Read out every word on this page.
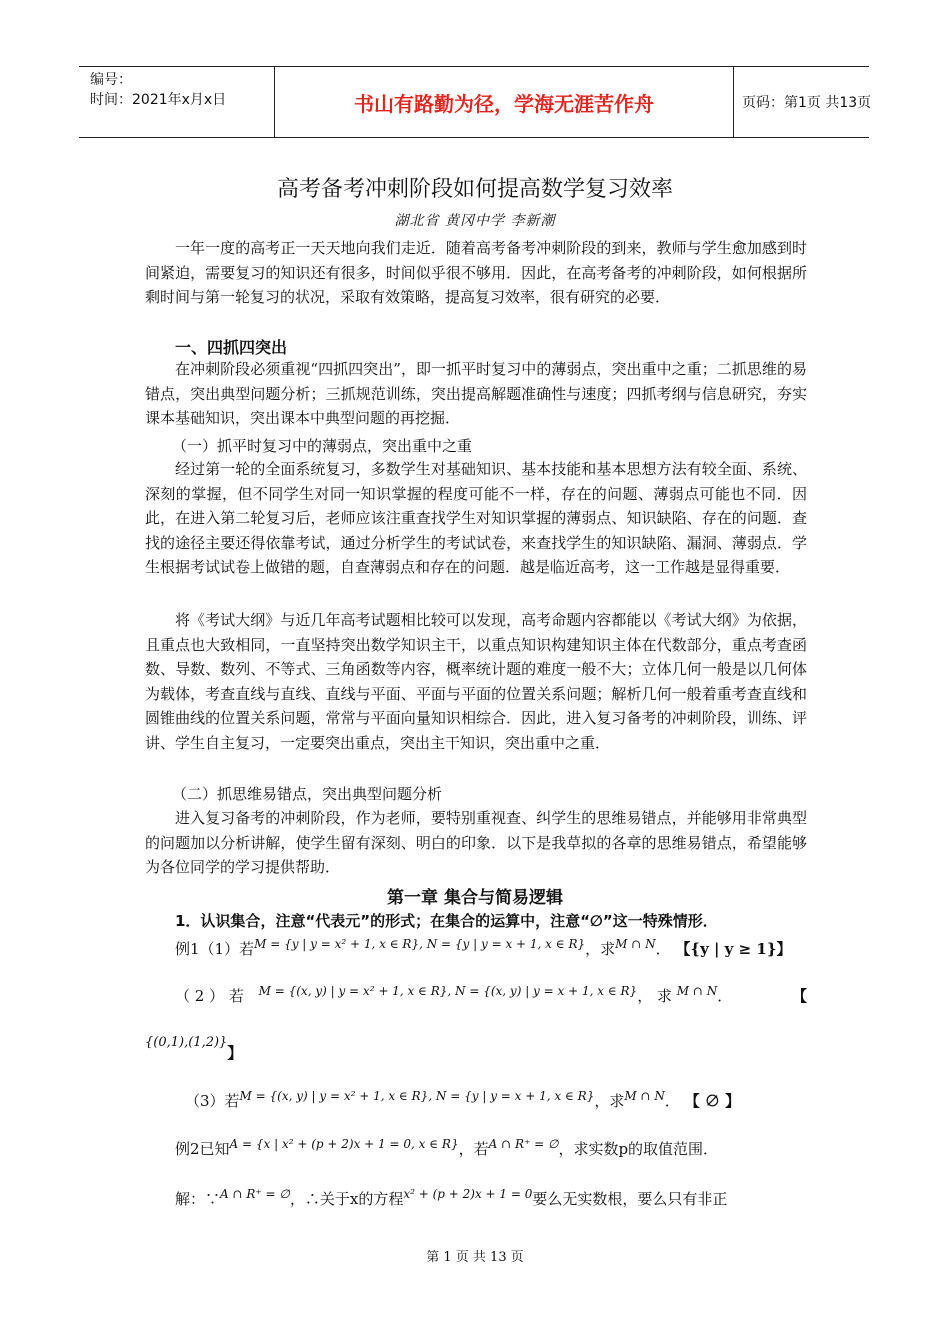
编号：
时间：2021年x月x日	书山有路勤为径，学海无涯苦作舟	页码：第1页 共13页
高考备考冲刺阶段如何提高数学复习效率
湖北省 黄冈中学 李新潮

一年一度的高考正一天天地向我们走近．随着高考备考冲刺阶段的到来，教师与学生愈加感到时间紧迫，需要复习的知识还有很多，时间似乎很不够用．因此，在高考备考的冲刺阶段，如何根据所剩时间与第一轮复习的状况，采取有效策略，提高复习效率，很有研究的必要．

一、四抓四突出

在冲刺阶段必须重视“四抓四突出”，即一抓平时复习中的薄弱点，突出重中之重；二抓思维的易错点，突出典型问题分析；三抓规范训练，突出提高解题准确性与速度；四抓考纲与信息研究，夯实课本基础知识，突出课本中典型问题的再挖掘．

（一）抓平时复习中的薄弱点，突出重中之重

经过第一轮的全面系统复习，多数学生对基础知识、基本技能和基本思想方法有较全面、系统、深刻的掌握，但不同学生对同一知识掌握的程度可能不一样，存在的问题、薄弱点可能也不同．因此，在进入第二轮复习后，老师应该注重查找学生对知识掌握的薄弱点、知识缺陷、存在的问题．查找的途径主要还得依靠考试，通过分析学生的考试试卷，来查找学生的知识缺陷、漏洞、薄弱点．学生根据考试试卷上做错的题，自查薄弱点和存在的问题．越是临近高考，这一工作越是显得重要．

将《考试大纲》与近几年高考试题相比较可以发现，高考命题内容都能以《考试大纲》为依据，且重点也大致相同，一直坚持突出数学知识主干，以重点知识构建知识主体在代数部分，重点考查函数、导数、数列、不等式、三角函数等内容，概率统计题的难度一般不大；立体几何一般是以几何体为载体，考查直线与直线、直线与平面、平面与平面的位置关系问题；解析几何一般着重考查直线和圆锥曲线的位置关系问题，常常与平面向量知识相综合．因此，进入复习备考的冲刺阶段，训练、评讲、学生自主复习，一定要突出重点，突出主干知识，突出重中之重．

（二）抓思维易错点，突出典型问题分析

进入复习备考的冲刺阶段，作为老师，要特别重视查、纠学生的思维易错点，并能够用非常典型的问题加以分析讲解，使学生留有深刻、明白的印象．以下是我草拟的各章的思维易错点，希望能够为各位同学的学习提供帮助．

第一章 集合与简易逻辑
1．认识集合，注意“代表元”的形式；在集合的运算中，注意“∅”这一特殊情形．
例1（1）若$^{M = \{y | y = x^2 + 1, x \in R\}, N = \{y | y = x + 1, x \in R\}}$，求$^{M \cap N}$． 【{y | y ≥ 1}】
（ 2 ） 若 $^{M = \{(x, y) | y = x^2 + 1, x \in R\}, N = \{(x, y) | y = x + 1, x \in R\}}$， 求 $^{M \cap N}$．	【
{(0,1),(1,2)}】
（3）若$^{M = \{(x, y) | y = x^2 + 1, x \in R\}, N = \{y | y = x + 1, x \in R\}}$，求$^{M \cap N}$． 【 ∅ 】
例2已知$^{A = \{x | x^2 + (p + 2)x + 1 = 0, x \in R\}}$，若$^{A \cap R^+ = \emptyset}$，求实数p的取值范围．
解：∵$^{A \cap R^+ = \emptyset}$，∴关于x的方程$^{x^2 + (p + 2)x + 1 = 0}$要么无实数根，要么只有非正
第 1 页 共 13 页
